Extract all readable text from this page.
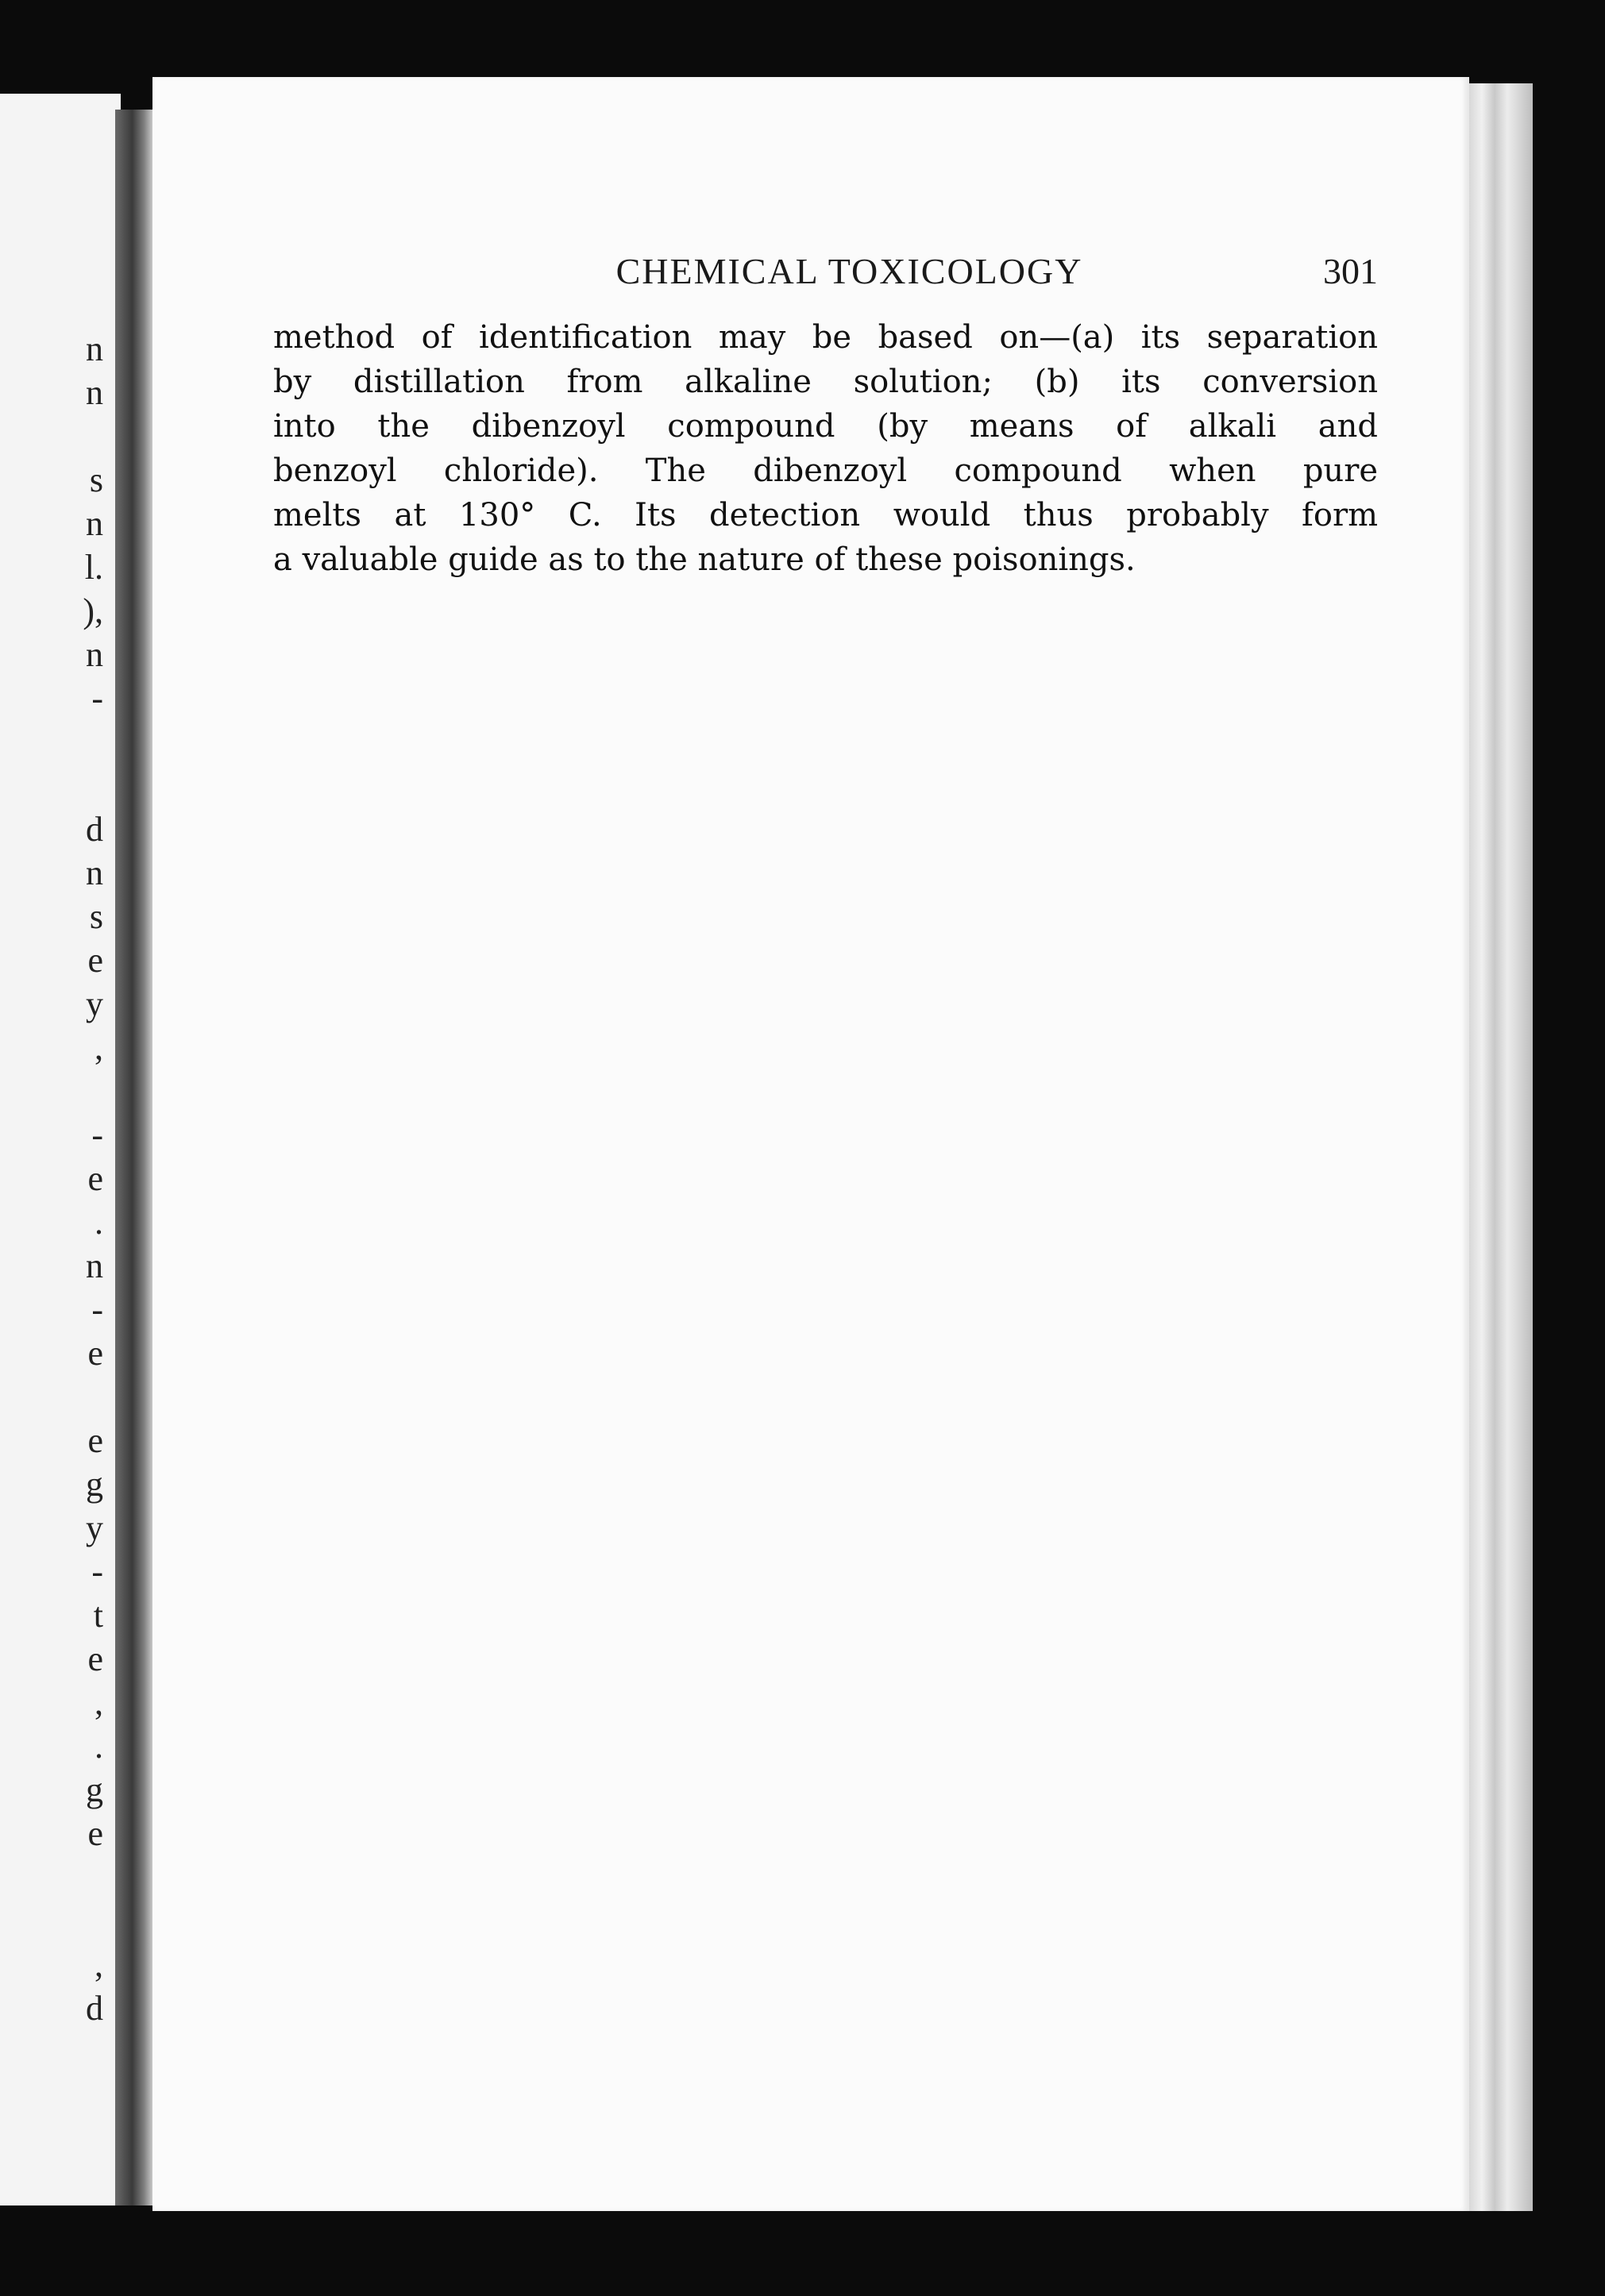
n
n
s
n
l.
),
n
-
d
n
s
e
y
,
-
e
.
n
-
e
e
g
y
-
t
e
,
.
g
e
,
d
CHEMICAL TOXICOLOGY	301
method of identification may be based on—(a) its separation
by distillation from alkaline solution; (b) its conversion
into the dibenzoyl compound (by means of alkali and
benzoyl chloride). The dibenzoyl compound when pure
melts at 130° C. Its detection would thus probably form
a valuable guide as to the nature of these poisonings.
